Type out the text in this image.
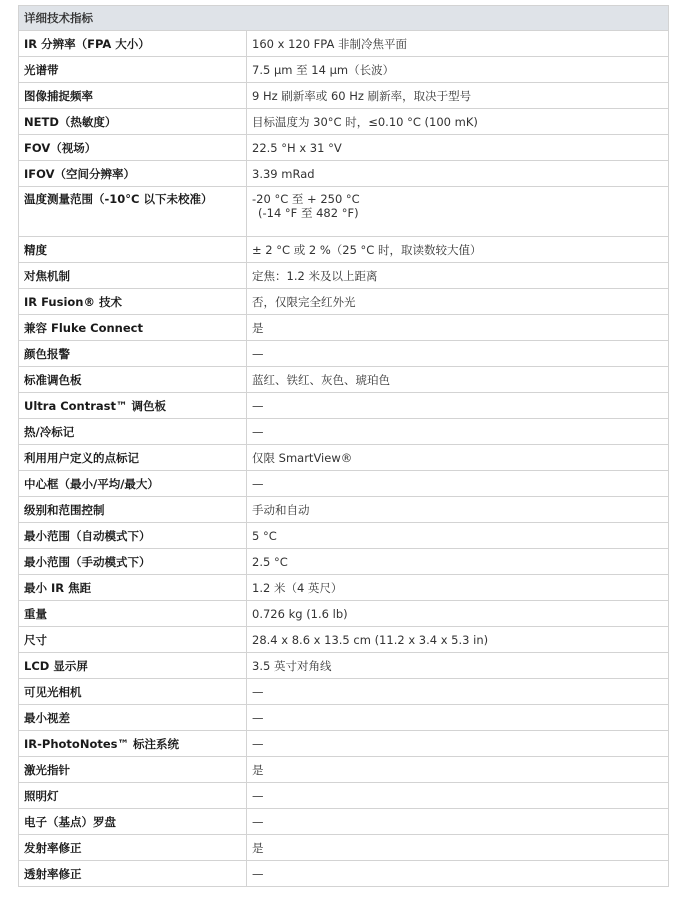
详细技术指标	
IR 分辨率（FPA 大小）	160 x 120 FPA 非制冷焦平面
光谱带	7.5 μm 至 14 μm（长波）
图像捕捉频率	9 Hz 刷新率或 60 Hz 刷新率，取决于型号
NETD（热敏度）	目标温度为 30°C 时，≤0.10 °C (100 mK)
FOV（视场）	22.5 °H x 31 °V
IFOV（空间分辨率）	3.39 mRad
温度测量范围（-10°C 以下未校准）	-20 °C 至 + 250 °C
(-14 °F 至 482 °F)

精度	± 2 °C 或 2 %（25 °C 时，取读数较大值）
对焦机制	定焦：1.2 米及以上距离
IR Fusion® 技术	否，仅限完全红外光
兼容 Fluke Connect	是
颜色报警	—
标准调色板	蓝红、铁红、灰色、琥珀色
Ultra Contrast™ 调色板	—
热/冷标记	—
利用用户定义的点标记	仅限 SmartView®
中心框（最小/平均/最大）	—
级别和范围控制	手动和自动
最小范围（自动模式下）	5 °C
最小范围（手动模式下）	2.5 °C
最小 IR 焦距	1.2 米（4 英尺）
重量	0.726 kg (1.6 lb)
尺寸	28.4 x 8.6 x 13.5 cm (11.2 x 3.4 x 5.3 in)
LCD 显示屏	3.5 英寸对角线
可见光相机	—
最小视差	—
IR-PhotoNotes™ 标注系统	—
激光指针	是
照明灯	—
电子（基点）罗盘	—
发射率修正	是
透射率修正	—
